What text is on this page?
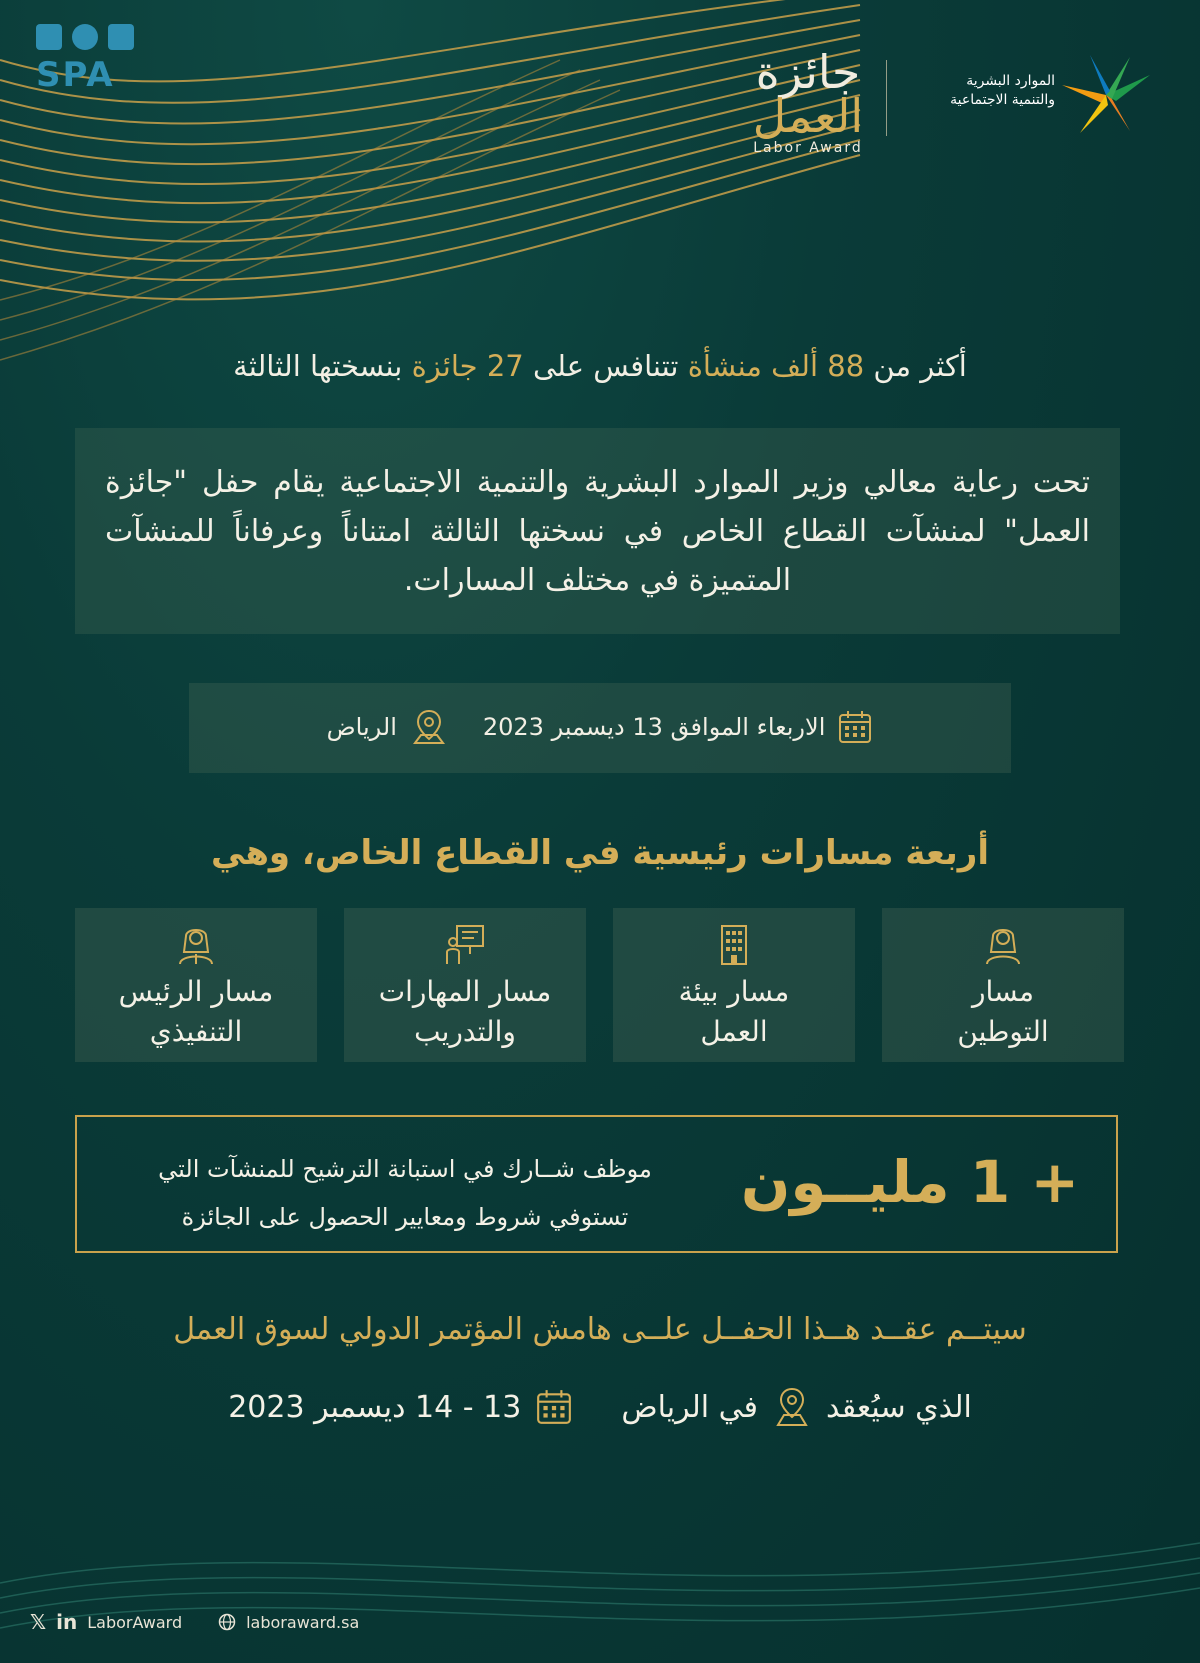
SPA	جائزة
العمل
Labor Award
الموارد البشرية
والتنمية الاجتماعية
أكثر من 88 ألف منشأة تتنافس على 27 جائزة بنسختها الثالثة
تحت رعاية معالي وزير الموارد البشرية والتنمية الاجتماعية يقام حفل "جائزة العمل" لمنشآت القطاع الخاص في نسختها الثالثة امتناناً وعرفاناً للمنشآت المتميزة في مختلف المسارات.
الاربعاء الموافق 13 ديسمبر 2023
الرياض
أربعة مسارات رئيسية في القطاع الخاص، وهي
مسار
التوطين
مسار بيئة
العمل
مسار المهارات
والتدريب
مسار الرئيس
التنفيذي
+ 1 مليــون
موظف شــارك في استبانة الترشيح للمنشآت التي
تستوفي شروط ومعايير الحصول على الجائزة
سيتــم عقــد هــذا الحفــل علــى هامش المؤتمر الدولي لسوق العمل
الذي سيُعقد
في الرياض
13 - 14 ديسمبر 2023
𝕏 in LaborAward	laboraward.sa
